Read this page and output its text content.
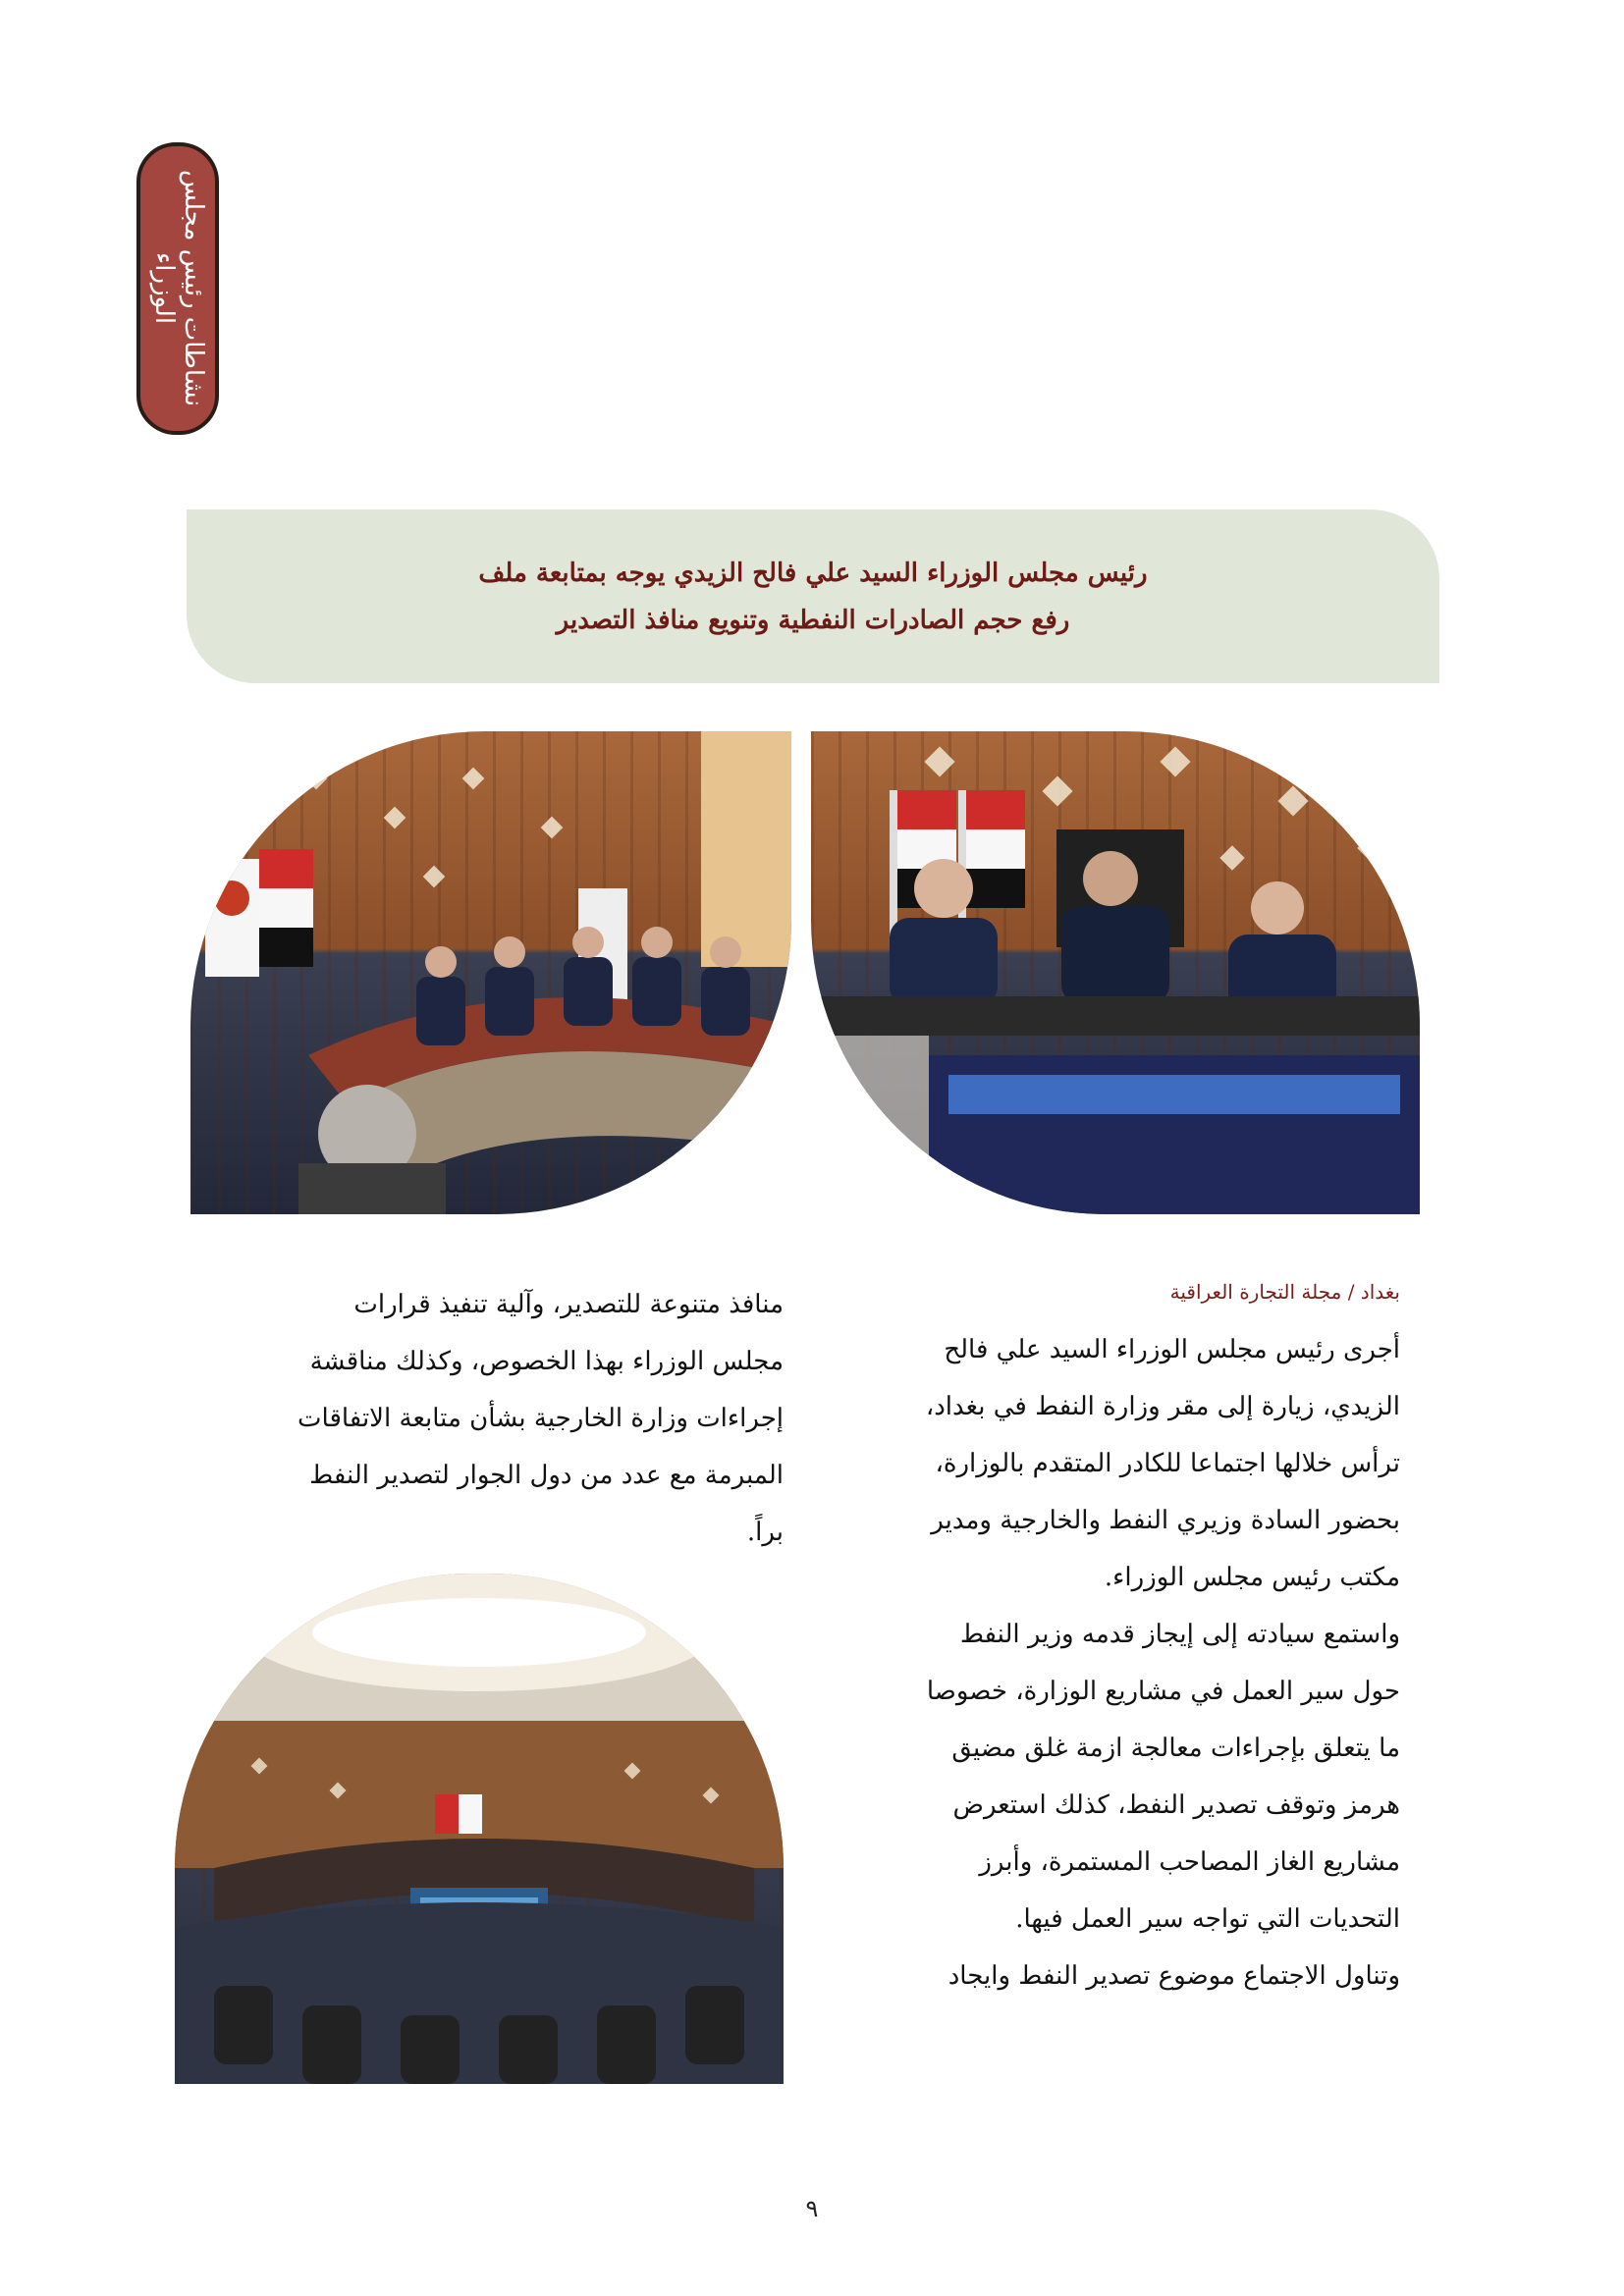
نشاطات رئيس مجلس الوزراء
رئيس مجلس الوزراء السيد علي فالح الزيدي يوجه بمتابعة ملف
رفع حجم الصادرات النفطية وتنويع منافذ التصدير
بغداد / مجلة التجارة العراقية
أجرى رئيس مجلس الوزراء السيد علي فالح
الزيدي، زيارة إلى مقر وزارة النفط في بغداد،
ترأس خلالها اجتماعا للكادر المتقدم بالوزارة،
بحضور السادة وزيري النفط والخارجية ومدير
مكتب رئيس مجلس الوزراء.
واستمع سيادته إلى إيجاز قدمه وزير النفط
حول سير العمل في مشاريع الوزارة، خصوصا
ما يتعلق بإجراءات معالجة ازمة غلق مضيق
هرمز وتوقف تصدير النفط، كذلك استعرض
مشاريع الغاز المصاحب المستمرة، وأبرز
التحديات التي تواجه سير العمل فيها.
وتناول الاجتماع موضوع تصدير النفط وايجاد
منافذ متنوعة للتصدير، وآلية تنفيذ قرارات
مجلس الوزراء بهذا الخصوص، وكذلك مناقشة
إجراءات وزارة الخارجية بشأن متابعة الاتفاقات
المبرمة مع عدد من دول الجوار لتصدير النفط
براً.
٩
